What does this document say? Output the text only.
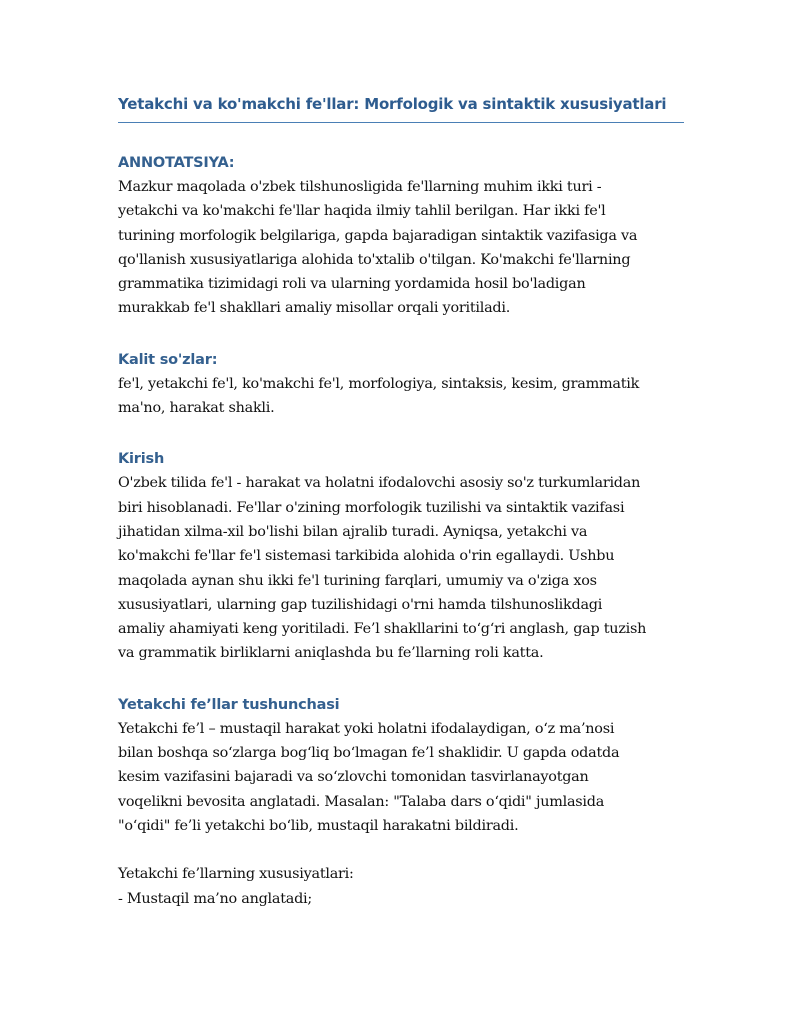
Yetakchi va ko'makchi fe'llar: Morfologik va sintaktik xususiyatlari
ANNOTATSIYA:

Mazkur maqolada o'zbek tilshunosligida fe'llarning muhim ikki turi -

yetakchi va ko'makchi fe'llar haqida ilmiy tahlil berilgan. Har ikki fe'l

turining morfologik belgilariga, gapda bajaradigan sintaktik vazifasiga va

qo'llanish xususiyatlariga alohida to'xtalib o'tilgan. Ko'makchi fe'llarning

grammatika tizimidagi roli va ularning yordamida hosil bo'ladigan

murakkab fe'l shakllari amaliy misollar orqali yoritiladi.

Kalit so'zlar:

fe'l, yetakchi fe'l, ko'makchi fe'l, morfologiya, sintaksis, kesim, grammatik

ma'no, harakat shakli.

Kirish

O'zbek tilida fe'l - harakat va holatni ifodalovchi asosiy so'z turkumlaridan

biri hisoblanadi. Fe'llar o'zining morfologik tuzilishi va sintaktik vazifasi

jihatidan xilma-xil bo'lishi bilan ajralib turadi. Ayniqsa, yetakchi va

ko'makchi fe'llar fe'l sistemasi tarkibida alohida o'rin egallaydi. Ushbu

maqolada aynan shu ikki fe'l turining farqlari, umumiy va o'ziga xos

xususiyatlari, ularning gap tuzilishidagi o'rni hamda tilshunoslikdagi

amaliy ahamiyati keng yoritiladi. Fe’l shakllarini to‘g‘ri anglash, gap tuzish

va grammatik birliklarni aniqlashda bu fe’llarning roli katta.

Yetakchi fe’llar tushunchasi

Yetakchi fe’l – mustaqil harakat yoki holatni ifodalaydigan, o‘z ma’nosi

bilan boshqa so‘zlarga bog‘liq bo‘lmagan fe’l shaklidir. U gapda odatda

kesim vazifasini bajaradi va so‘zlovchi tomonidan tasvirlanayotgan

voqelikni bevosita anglatadi. Masalan: "Talaba dars o‘qidi" jumlasida

"o‘qidi" fe’li yetakchi bo‘lib, mustaqil harakatni bildiradi.

Yetakchi fe’llarning xususiyatlari:

- Mustaqil ma’no anglatadi;
